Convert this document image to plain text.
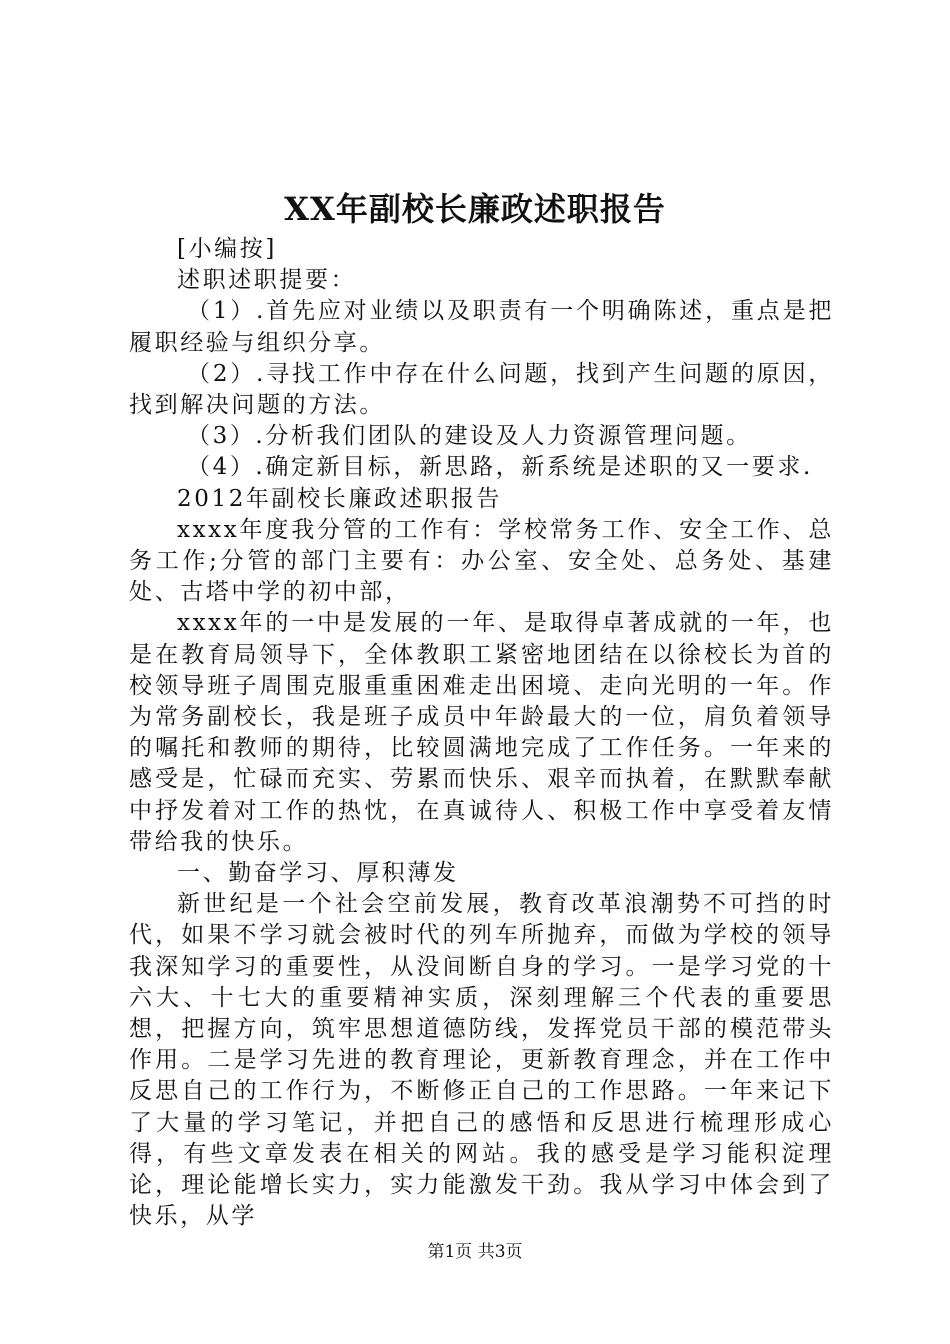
XX年副校长廉政述职报告

[小编按]

述职述职提要：

（1）.首先应对业绩以及职责有一个明确陈述，重点是把履职经验与组织分享。

（2）.寻找工作中存在什么问题，找到产生问题的原因，找到解决问题的方法。

（3）.分析我们团队的建设及人力资源管理问题。

（4）.确定新目标，新思路，新系统是述职的又一要求.

2012年副校长廉政述职报告

xxxx年度我分管的工作有：学校常务工作、安全工作、总务工作;分管的部门主要有：办公室、安全处、总务处、基建处、古塔中学的初中部，

xxxx年的一中是发展的一年、是取得卓著成就的一年，也是在教育局领导下，全体教职工紧密地团结在以徐校长为首的校领导班子周围克服重重困难走出困境、走向光明的一年。作为常务副校长，我是班子成员中年龄最大的一位，肩负着领导的嘱托和教师的期待，比较圆满地完成了工作任务。一年来的感受是，忙碌而充实、劳累而快乐、艰辛而执着，在默默奉献中抒发着对工作的热忱，在真诚待人、积极工作中享受着友情带给我的快乐。

一、勤奋学习、厚积薄发

新世纪是一个社会空前发展，教育改革浪潮势不可挡的时代，如果不学习就会被时代的列车所抛弃，而做为学校的领导我深知学习的重要性，从没间断自身的学习。一是学习党的十六大、十七大的重要精神实质，深刻理解三个代表的重要思想，把握方向，筑牢思想道德防线，发挥党员干部的模范带头作用。二是学习先进的教育理论，更新教育理念，并在工作中反思自己的工作行为，不断修正自己的工作思路。一年来记下了大量的学习笔记，并把自己的感悟和反思进行梳理形成心得，有些文章发表在相关的网站。我的感受是学习能积淀理论，理论能增长实力，实力能激发干劲。我从学习中体会到了快乐，从学

第1页 共3页
